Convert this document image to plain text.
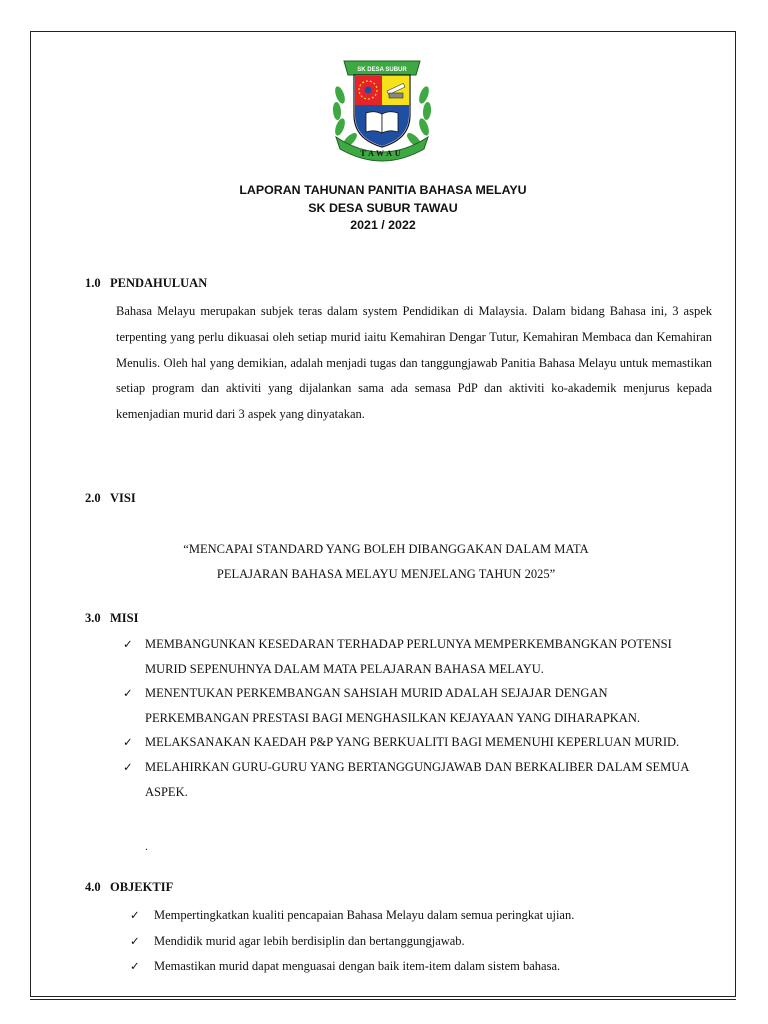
SK DESA SUBUR
TAWAU
LAPORAN TAHUNAN PANITIA BAHASA MELAYU
SK DESA SUBUR TAWAU
2021 / 2022
1.0 PENDAHULUAN
Bahasa Melayu merupakan subjek teras dalam system Pendidikan di Malaysia. Dalam bidang Bahasa ini, 3 aspek terpenting yang perlu dikuasai oleh setiap murid iaitu Kemahiran Dengar Tutur, Kemahiran Membaca dan Kemahiran Menulis. Oleh hal yang demikian, adalah menjadi tugas dan tanggungjawab Panitia Bahasa Melayu untuk memastikan setiap program dan aktiviti yang dijalankan sama ada semasa PdP dan aktiviti ko-akademik menjurus kepada kemenjadian murid dari 3 aspek yang dinyatakan.
2.0 VISI
“MENCAPAI STANDARD YANG BOLEH DIBANGGAKAN DALAM MATA
PELAJARAN BAHASA MELAYU MENJELANG TAHUN 2025”
3.0 MISI
✓ MEMBANGUNKAN KESEDARAN TERHADAP PERLUNYA MEMPERKEMBANGKAN POTENSI MURID SEPENUHNYA DALAM MATA PELAJARAN BAHASA MELAYU.
✓ MENENTUKAN PERKEMBANGAN SAHSIAH MURID ADALAH SEJAJAR DENGAN PERKEMBANGAN PRESTASI BAGI MENGHASILKAN KEJAYAAN YANG DIHARAPKAN.
✓ MELAKSANAKAN KAEDAH P&P YANG BERKUALITI BAGI MEMENUHI KEPERLUAN MURID.
✓ MELAHIRKAN GURU-GURU YANG BERTANGGUNGJAWAB DAN BERKALIBER DALAM SEMUA ASPEK.
.
4.0 OBJEKTIF
✓	Mempertingkatkan kualiti pencapaian Bahasa Melayu dalam semua peringkat ujian.
✓	Mendidik murid agar lebih berdisiplin dan bertanggungjawab.
✓	Memastikan murid dapat menguasai dengan baik item-item dalam sistem bahasa.
